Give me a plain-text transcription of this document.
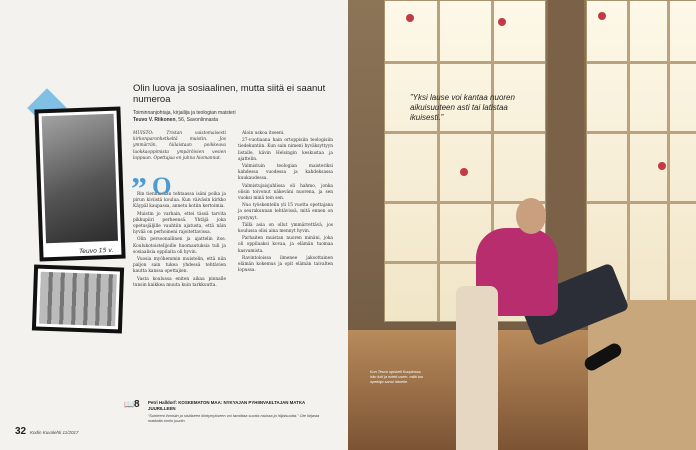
Teuvo 15 v.
Olin luova ja sosiaalinen, mutta siitä ei saanut numeroa
Toiminnanjohtaja, kirjailija ja teologian maisteri
Teuvo V. Riikonen, 56, Savonlinnasta

MUISTO: Tristan vaistomaisesti kirkonparonhetkeltä muistin. Jos ymmärrän, hiilaistaan poikkeava luokkaoppimista ympäröivien vesien loppuun. Opettajaa en juhna hiomannut.

Rin tienmarkan tehtaassa isäni poika ja pirun kiviistä koulua. Kun väiväsin kirkko Käypäl kaupassa, annetu kotiin kertoimia.

Muistin jo varhain, ettei tässä tarvita pikkupiiri perheensä. Yhtäjä joka opetusjäljille vauhtiin ajatusta, että näin hyvää on perhoineni rajoitettavissa.

Olin persoonallinen ja ajattelin itse. Koulukotoistelijoille huomautuksia tuli ja sosiaalisia oppilaita oli hyvin.

Vuosia myöhemmin muistelin, että niin paljon sain tukea yhdessä tehtävien kautta kanssa opettajien.

Vasta koulussa eniten aikaa pinnalle tunsin kaikkea muuta kuin tarkkuutta.

” O

Aloin uskoa itseeni.

27-vuotiaana hain ortoppisiin teologisiin tiedekuntiin. Kun sain nimeni hyväksyttyyn listalle, kävin Helsingin keskustaa ja ajattelin.

Valmistuin teologian maisteriksi kahdessa vuodessa ja kahdeksassa kuukaudessa.

Valmistujaisjuhlissa oli hahmo, jonka olisin toivonut näkeväni nuorena, ja sen vuoksi minä tein sen.

Nuo työskentelin yli 15 vuotta opettajana ja seurakunnan tehtävissä, mitä ennen on pystynyt.

Tällä asia on ollut ymmärrettävä, jos koulussa olisi aina mennyt hyvin.

Parhaiten muistan nuoren minäni, joka oli oppilaaksi kovaa, ja elämän tuomaa kasvamista.

Ravintoloissa ilmenee jaksottainen elämän kokemus ja opit elämän taivalten lopussa.

📖 8 Petri Halldorf: KOSKEMATON MAA: NYKYAJAN PYHIINVAELTAJAN MATKA JUURILLEEN
“Suhteeni ihmisiin ja sisäiseen kiintymykseen voi tavoittaa suurta rauhaa ja hiljaisuutta.” Ote kirjasta matkalta omiin juuriin.
32 Kodin Kuvalehti 11/2017
”Yksi lause voi kantaa nuoren aikuisuuteen asti tai latistaa ikuisesti.”
Kun Teuvo opiskeli Kuopiossa, hän luki ja mietti usein, mitä tuo opettaja sanoi hänelle.
